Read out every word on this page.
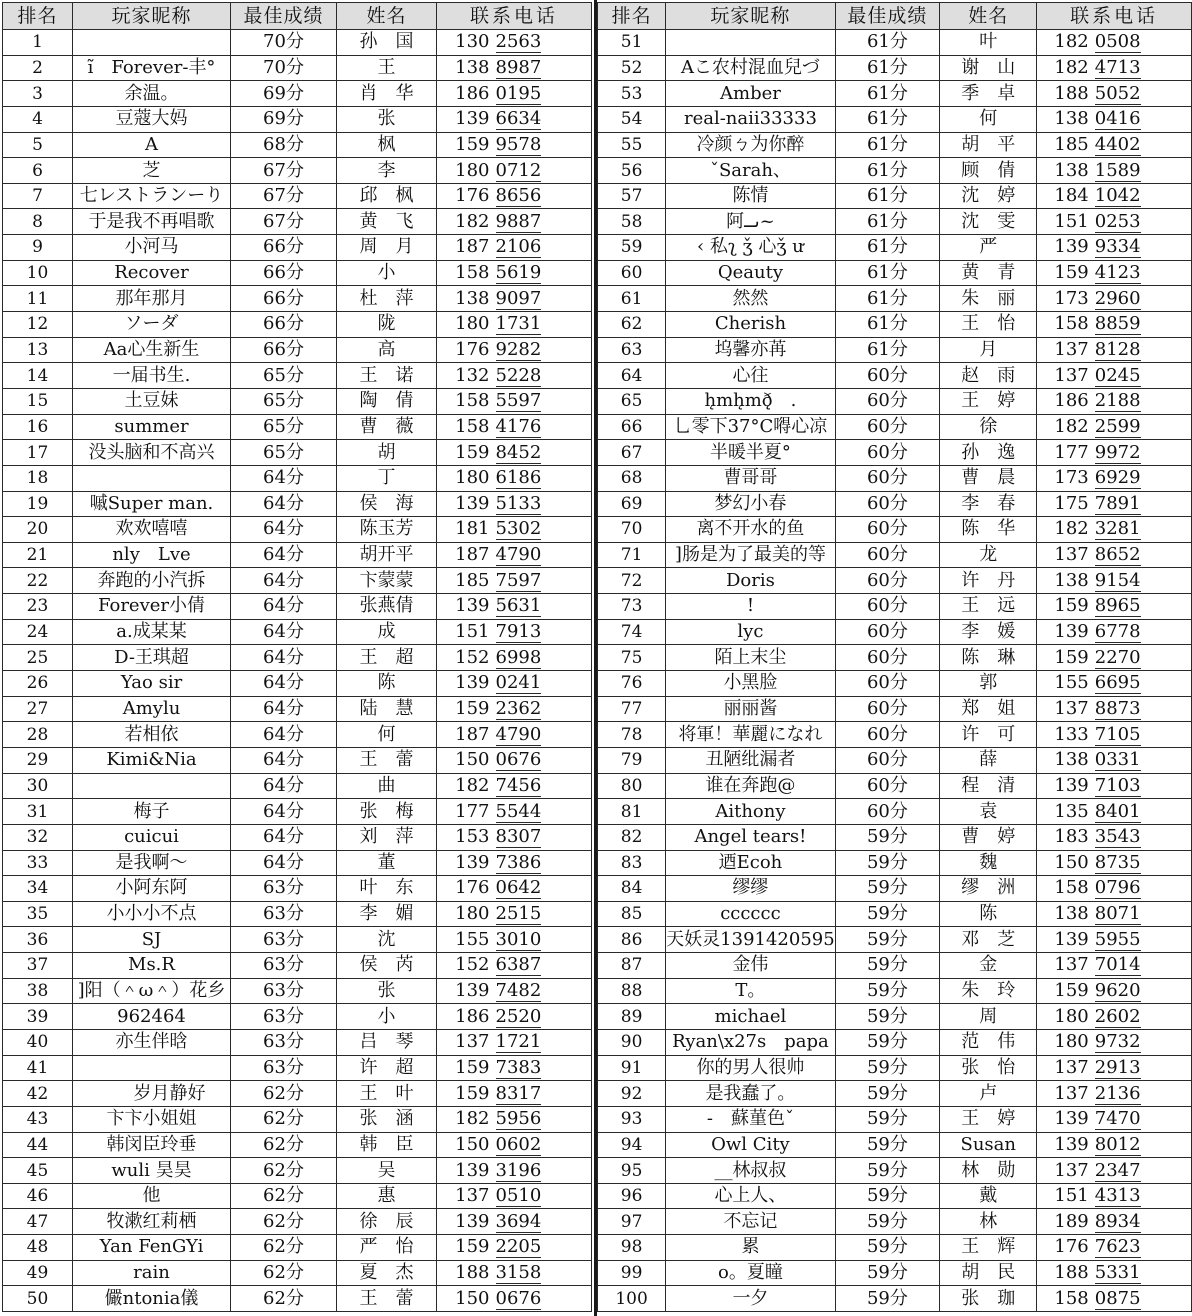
排名	玩家昵称	最佳成绩	姓名	联系电话	
1		70分	孙　国	130	2563
2	ĩ　Forever-丰°	70分	王	138	8987
3	余温。	69分	肖　华	186	0195
4	豆蔻大妈	69分	张	139	6634
5	A	68分	枫	159	9578
6	芝	67分	李	180	0712
7	七レストランーり	67分	邱　枫	176	8656
8	于是我不再唱歌	67分	黄　飞	182	9887
9	小河马	66分	周　月	187	2106
10	Recover	66分	小	158	5619
11	那年那月	66分	杜　萍	138	9097
12	ソーダ	66分	陇	180	1731
13	Aa心生新生	66分	高	176	9282
14	一届书生.	65分	王　诺	132	5228
15	土豆妹	65分	陶　倩	158	5597
16	summer	65分	曹　薇	158	4176
17	没头脑和不高兴	65分	胡	159	8452
18		64分	丁	180	6186
19	嘁Super man.	64分	侯　海	139	5133
20	欢欢嘻嘻	64分	陈玉芳	181	5302
21	nly　Lve	64分	胡开平	187	4790
22	奔跑的小汽拆	64分	卞蒙蒙	185	7597
23	Forever小倩	64分	张燕倩	139	5631
24	a.成某某	64分	成	151	7913
25	D-王琪超	64分	王　超	152	6998
26	Yao sir	64分	陈	139	0241
27	Amylu	64分	陆　慧	159	2362
28	若相依	64分	何	187	4790
29	Kimi&Nia	64分	王　蕾	150	0676
30		64分	曲	182	7456
31	梅子	64分	张　梅	177	5544
32	cuicui	64分	刘　萍	153	8307
33	是我啊～	64分	董	139	7386
34	小阿东阿	63分	叶　东	176	0642
35	小小小不点	63分	李　媚	180	2515
36	SJ	63分	沈	155	3010
37	Ms.R	63分	侯　芮	152	6387
38	]阳（＾ω＾）花乡	63分	张	139	7482
39	962464	63分	小	186	2520
40	亦生伴晗	63分	吕　琴	137	1721
41		63分	许　超	159	7383
42	　　岁月静好	62分	王　叶	159	8317
43	卞卞小姐姐	62分	张　涵	182	5956
44	韩闵臣玲垂	62分	韩　臣	150	0602
45	wuli 昊昊	62分	吴	139	3196
46	他	62分	惠	137	0510
47	牧漱红莉栖	62分	徐　辰	139	3694
48	Yan FenGYi	62分	严　怡	159	2205
49	rain	62分	夏　杰	188	3158
50	儼ntonia儀	62分	王　蕾	150	0676
排名	玩家昵称	最佳成绩	姓名	联系电话	
51		61分	叶	182	0508
52	Aこ农村混血兒づ	61分	谢　山	182	4713
53	Amber	61分	季　卓	188	5052
54	real-naii33333	61分	何	138	0416
55	冷颜ㄅ为你醉	61分	胡　平	185	4402
56	ˇSarah、	61分	顾　倩	138	1589
57	陈情	61分	沈　婷	184	1042
58	阿ىــ~	61分	沈　雯	151	0253
59	‹ 私ʅ ǯ 心ǯ ư	61分	严	139	9334
60	Qeauty	61分	黄　青	159	4123
61	然然	61分	朱　丽	173	2960
62	Cherish	61分	王　怡	158	8859
63	坞馨亦苒	61分	月	137	8128
64	心往	60分	赵　雨	137	0245
65	h̨mh̨mð̨̨　.	60分	王　婷	186	2188
66	乚零下37°C嘚心凉	60分	徐	182	2599
67	半暖半夏°	60分	孙　逸	177	9972
68	曹哥哥	60分	曹　晨	173	6929
69	梦幻小春	60分	李　春	175	7891
70	离不开水的鱼	60分	陈　华	182	3281
71	]肠是为了最美的等	60分	龙	137	8652
72	Doris	60分	许　丹	138	9154
73	!	60分	王　远	159	8965
74	lyc	60分	李　媛	139	6778
75	陌上末尘	60分	陈　琳	159	2270
76	小黑脸	60分	郭	155	6695
77	丽丽酱	60分	郑　姐	137	8873
78	将軍！華麗になれ	60分	许　可	133	7105
79	丑陋纰漏者	60分	薛	138	0331
80	谁在奔跑@	60分	程　清	139	7103
81	Aithony	60分	袁	135	8401
82	Angel tears!	59分	曹　婷	183	3543
83	迺Ecoh	59分	魏	150	8735
84	缪缪	59分	缪　洲	158	0796
85	cccccc	59分	陈	138	8071
86	天妖灵1391420595	59分	邓　芝	139	5955
87	金伟	59分	金	137	7014
88	T。	59分	朱　玲	159	9620
89	michael	59分	周	180	2602
90	Ryan\x27s　papa	59分	范　伟	180	9732
91	你的男人很帅	59分	张　怡	137	2913
92	是我蠢了。	59分	卢	137	2136
93	-　蘇菫色ˇ	59分	王　婷	139	7470
94	Owl City	59分	Susan	139	8012
95	__林叔叔	59分	林　勋	137	2347
96	心上人、	59分	戴	151	4313
97	不忘记	59分	林	189	8934
98	累	59分	王　辉	176	7623
99	o。夏瞳	59分	胡　民	188	5331
100	一夕	59分	张　珈	158	0875
